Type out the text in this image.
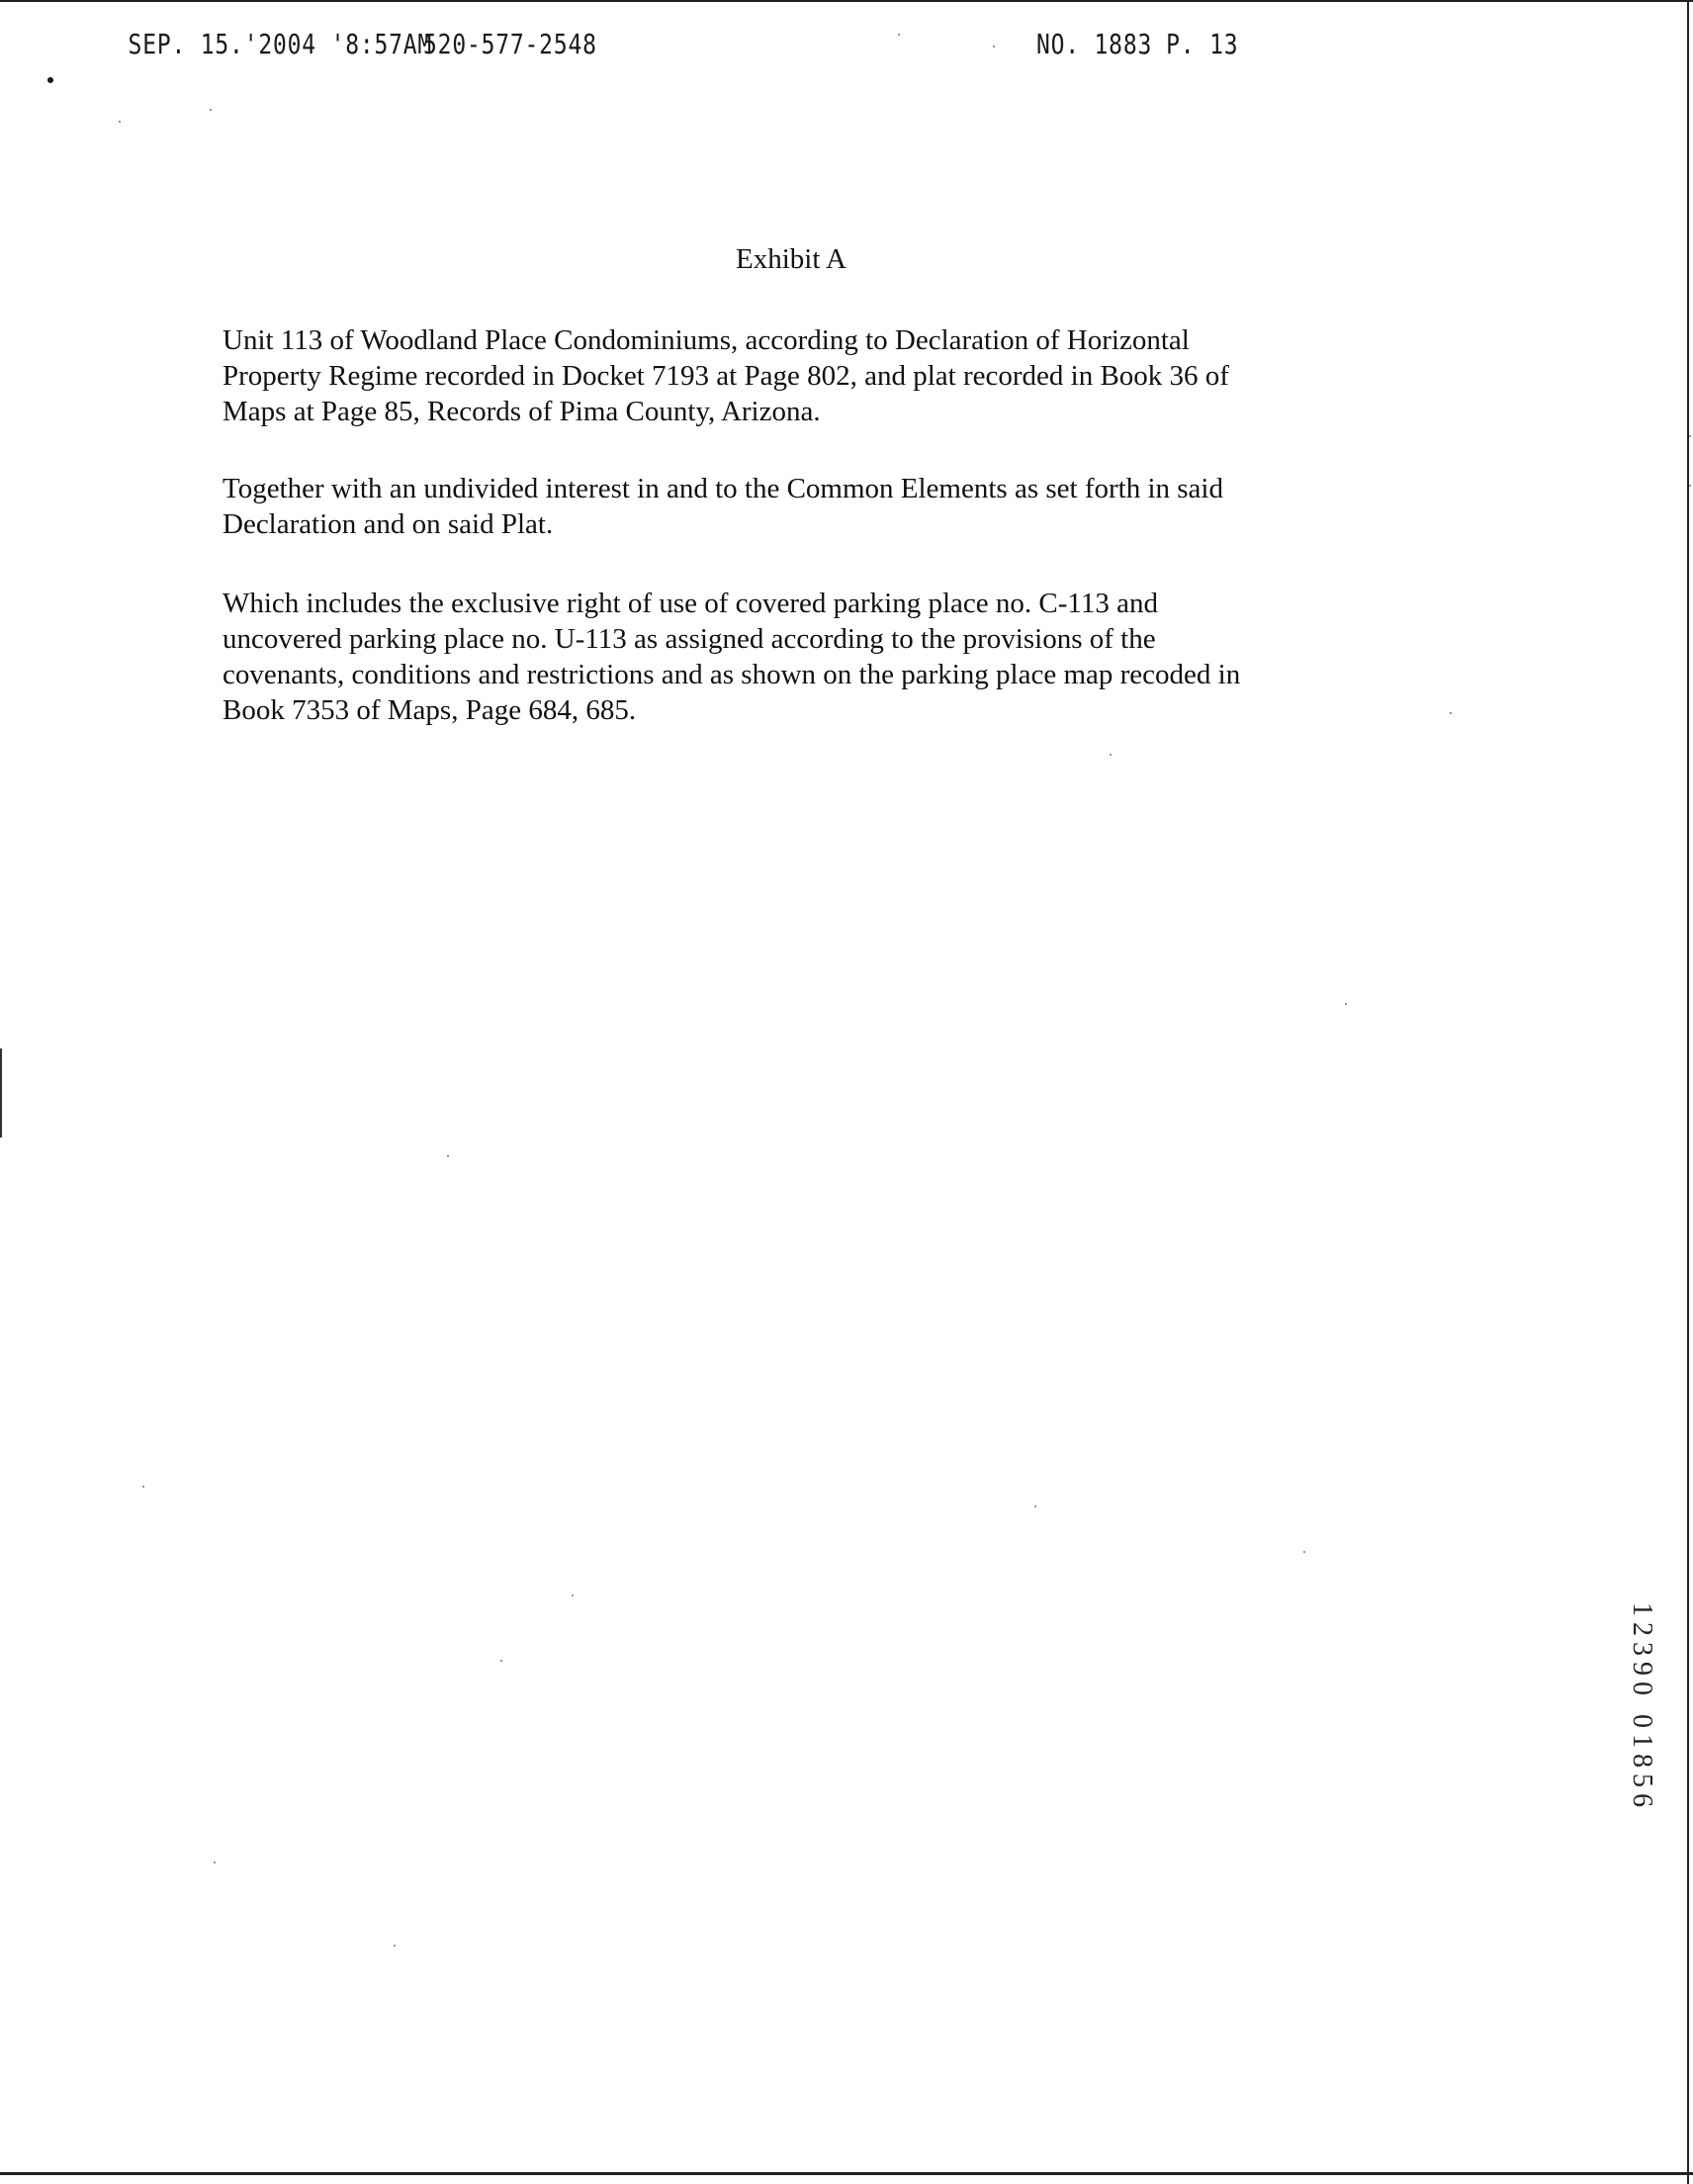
SEP. 15.'2004 '8:57AM
520-577-2548	NO. 1883 P. 13
Exhibit A
Unit 113 of Woodland Place Condominiums, according to Declaration of Horizontal
Property Regime recorded in Docket 7193 at Page 802, and plat recorded in Book 36 of
Maps at Page 85, Records of Pima County, Arizona.
Together with an undivided interest in and to the Common Elements as set forth in said
Declaration and on said Plat.
Which includes the exclusive right of use of covered parking place no. C-113 and
uncovered parking place no. U-113 as assigned according to the provisions of the
covenants, conditions and restrictions and as shown on the parking place map recoded in
Book 7353 of Maps, Page 684, 685.
12390 01856
